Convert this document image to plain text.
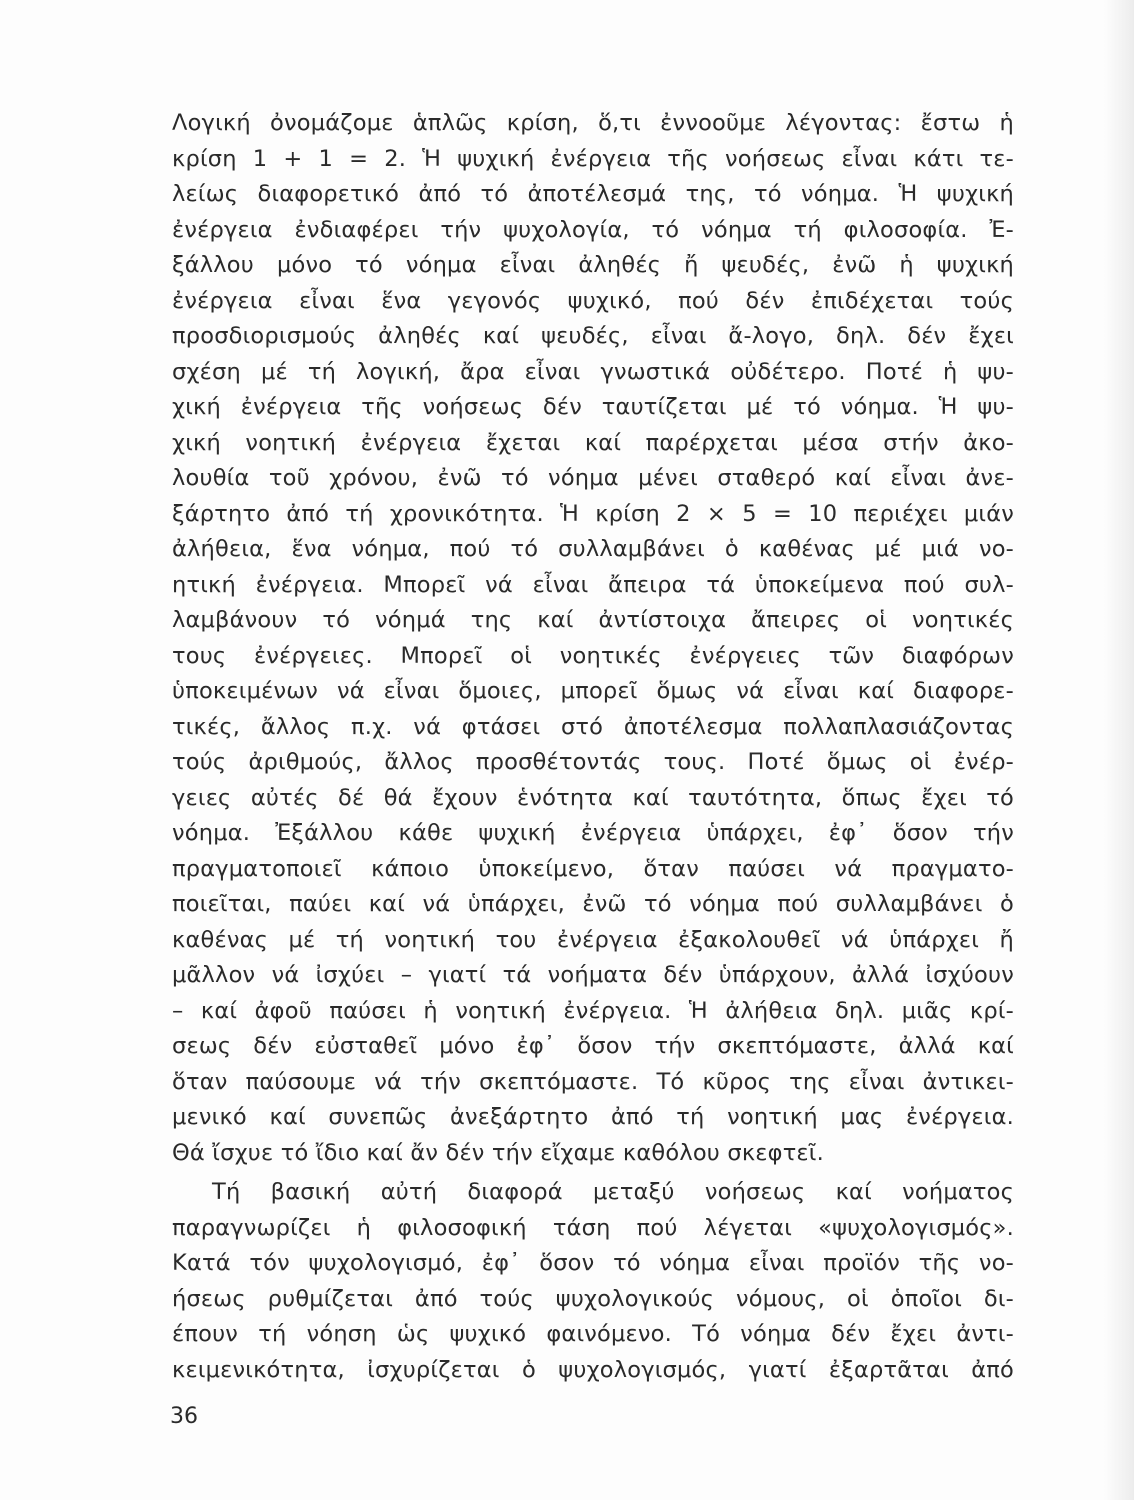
Λογική ὀνομάζομε ἁπλῶς κρίση, ὅ,τι ἐννοοῦμε λέγοντας: ἔστω ἡ
κρίση 1 + 1 = 2. Ἡ ψυχική ἐνέργεια τῆς νοήσεως εἶναι κάτι τε-
λείως διαφορετικό ἀπό τό ἀποτέλεσμά της, τό νόημα. Ἡ ψυχική
ἐνέργεια ἐνδιαφέρει τήν ψυχολογία, τό νόημα τή φιλοσοφία. Ἐ-
ξάλλου μόνο τό νόημα εἶναι ἀληθές ἤ ψευδές, ἐνῶ ἡ ψυχική
ἐνέργεια εἶναι ἕνα γεγονός ψυχικό, πού δέν ἐπιδέχεται τούς
προσδιορισμούς ἀληθές καί ψευδές, εἶναι ἄ-λογο, δηλ. δέν ἔχει
σχέση μέ τή λογική, ἄρα εἶναι γνωστικά οὐδέτερο. Ποτέ ἡ ψυ-
χική ἐνέργεια τῆς νοήσεως δέν ταυτίζεται μέ τό νόημα. Ἡ ψυ-
χική νοητική ἐνέργεια ἔχεται καί παρέρχεται μέσα στήν ἀκο-
λουθία τοῦ χρόνου, ἐνῶ τό νόημα μένει σταθερό καί εἶναι ἀνε-
ξάρτητο ἀπό τή χρονικότητα. Ἡ κρίση 2 × 5 = 10 περιέχει μιάν
ἀλήθεια, ἕνα νόημα, πού τό συλλαμβάνει ὁ καθένας μέ μιά νο-
ητική ἐνέργεια. Μπορεῖ νά εἶναι ἄπειρα τά ὑποκείμενα πού συλ-
λαμβάνουν τό νόημά της καί ἀντίστοιχα ἄπειρες οἱ νοητικές
τους ἐνέργειες. Μπορεῖ οἱ νοητικές ἐνέργειες τῶν διαφόρων
ὑποκειμένων νά εἶναι ὅμοιες, μπορεῖ ὅμως νά εἶναι καί διαφορε-
τικές, ἄλλος π.χ. νά φτάσει στό ἀποτέλεσμα πολλαπλασιάζοντας
τούς ἀριθμούς, ἄλλος προσθέτοντάς τους. Ποτέ ὅμως οἱ ἐνέρ-
γειες αὐτές δέ θά ἔχουν ἑνότητα καί ταυτότητα, ὅπως ἔχει τό
νόημα. Ἐξάλλου κάθε ψυχική ἐνέργεια ὑπάρχει, ἐφ᾿ ὅσον τήν
πραγματοποιεῖ κάποιο ὑποκείμενο, ὅταν παύσει νά πραγματο-
ποιεῖται, παύει καί νά ὑπάρχει, ἐνῶ τό νόημα πού συλλαμβάνει ὁ
καθένας μέ τή νοητική του ἐνέργεια ἐξακολουθεῖ νά ὑπάρχει ἤ
μᾶλλον νά ἰσχύει – γιατί τά νοήματα δέν ὑπάρχουν, ἀλλά ἰσχύουν
– καί ἀφοῦ παύσει ἡ νοητική ἐνέργεια. Ἡ ἀλήθεια δηλ. μιᾶς κρί-
σεως δέν εὐσταθεῖ μόνο ἐφ᾿ ὅσον τήν σκεπτόμαστε, ἀλλά καί
ὅταν παύσουμε νά τήν σκεπτόμαστε. Τό κῦρος της εἶναι ἀντικει-
μενικό καί συνεπῶς ἀνεξάρτητο ἀπό τή νοητική μας ἐνέργεια.
Θά ἴσχυε τό ἴδιο καί ἄν δέν τήν εἴχαμε καθόλου σκεφτεῖ.
Τή βασική αὐτή διαφορά μεταξύ νοήσεως καί νοήματος
παραγνωρίζει ἡ φιλοσοφική τάση πού λέγεται «ψυχολογισμός».
Κατά τόν ψυχολογισμό, ἐφ᾿ ὅσον τό νόημα εἶναι προϊόν τῆς νο-
ήσεως ρυθμίζεται ἀπό τούς ψυχολογικούς νόμους, οἱ ὁποῖοι δι-
έπουν τή νόηση ὡς ψυχικό φαινόμενο. Τό νόημα δέν ἔχει ἀντι-
κειμενικότητα, ἰσχυρίζεται ὁ ψυχολογισμός, γιατί ἐξαρτᾶται ἀπό
36
